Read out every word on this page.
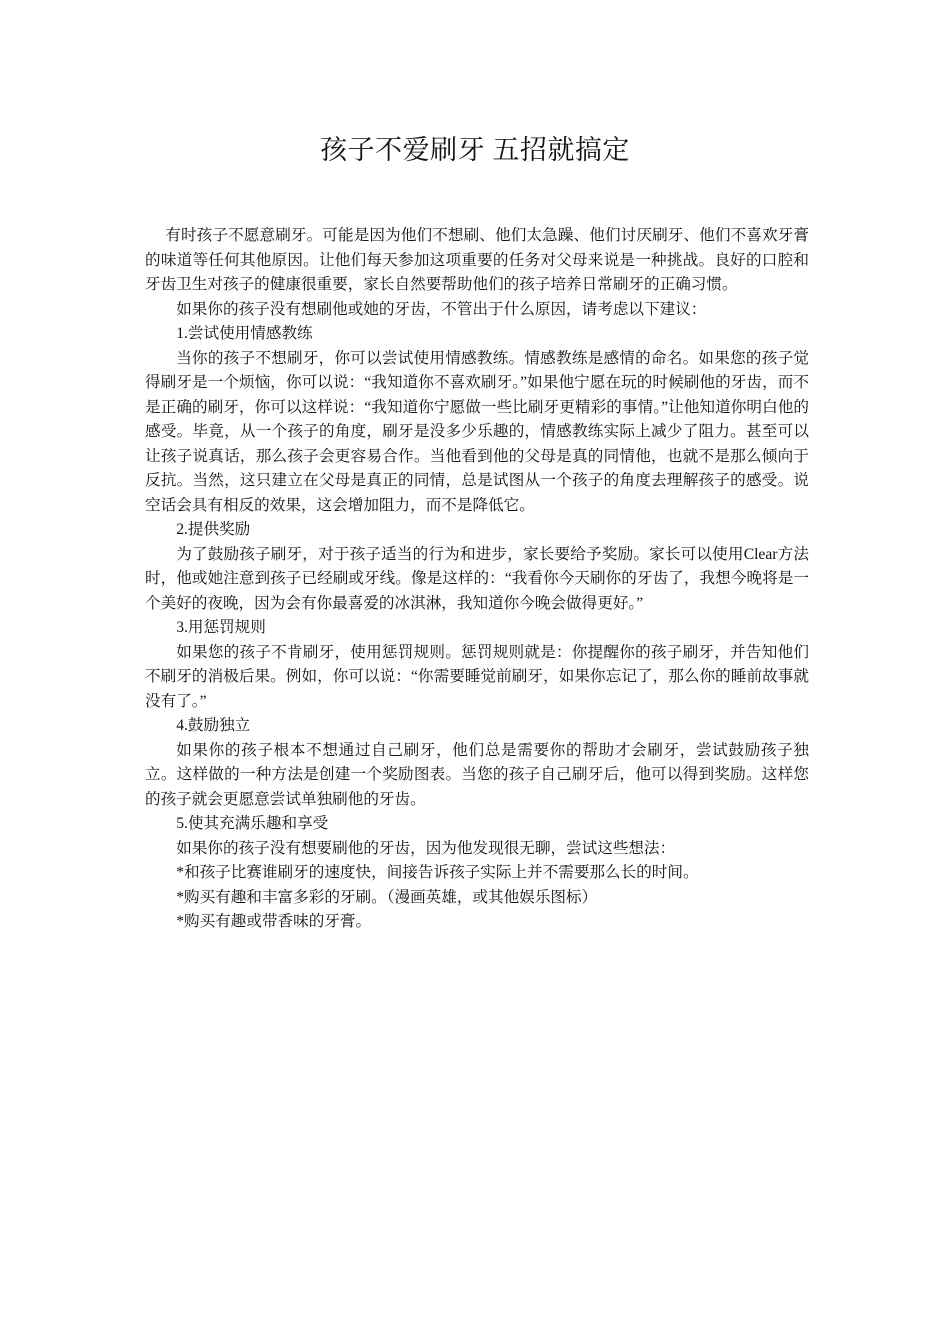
孩子不爱刷牙 五招就搞定

有时孩子不愿意刷牙。可能是因为他们不想刷、他们太急躁、他们讨厌刷牙、他们不喜欢牙膏的味道等任何其他原因。让他们每天参加这项重要的任务对父母来说是一种挑战。良好的口腔和牙齿卫生对孩子的健康很重要，家长自然要帮助他们的孩子培养日常刷牙的正确习惯。

如果你的孩子没有想刷他或她的牙齿，不管出于什么原因，请考虑以下建议：

1.尝试使用情感教练

当你的孩子不想刷牙，你可以尝试使用情感教练。情感教练是感情的命名。如果您的孩子觉得刷牙是一个烦恼，你可以说：“我知道你不喜欢刷牙。”如果他宁愿在玩的时候刷他的牙齿，而不是正确的刷牙，你可以这样说：“我知道你宁愿做一些比刷牙更精彩的事情。”让他知道你明白他的感受。毕竟，从一个孩子的角度，刷牙是没多少乐趣的，情感教练实际上减少了阻力。甚至可以让孩子说真话，那么孩子会更容易合作。当他看到他的父母是真的同情他，也就不是那么倾向于反抗。当然，这只建立在父母是真正的同情，总是试图从一个孩子的角度去理解孩子的感受。说空话会具有相反的效果，这会增加阻力，而不是降低它。

2.提供奖励

为了鼓励孩子刷牙，对于孩子适当的行为和进步，家长要给予奖励。家长可以使用Clear方法时，他或她注意到孩子已经刷或牙线。像是这样的：“我看你今天刷你的牙齿了，我想今晚将是一个美好的夜晚，因为会有你最喜爱的冰淇淋，我知道你今晚会做得更好。”

3.用惩罚规则

如果您的孩子不肯刷牙，使用惩罚规则。惩罚规则就是：你提醒你的孩子刷牙，并告知他们不刷牙的消极后果。例如，你可以说：“你需要睡觉前刷牙，如果你忘记了，那么你的睡前故事就没有了。”

4.鼓励独立

如果你的孩子根本不想通过自己刷牙，他们总是需要你的帮助才会刷牙，尝试鼓励孩子独立。这样做的一种方法是创建一个奖励图表。当您的孩子自己刷牙后，他可以得到奖励。这样您的孩子就会更愿意尝试单独刷他的牙齿。

5.使其充满乐趣和享受

如果你的孩子没有想要刷他的牙齿，因为他发现很无聊，尝试这些想法：

*和孩子比赛谁刷牙的速度快，间接告诉孩子实际上并不需要那么长的时间。

*购买有趣和丰富多彩的牙刷。（漫画英雄，或其他娱乐图标）

*购买有趣或带香味的牙膏。
